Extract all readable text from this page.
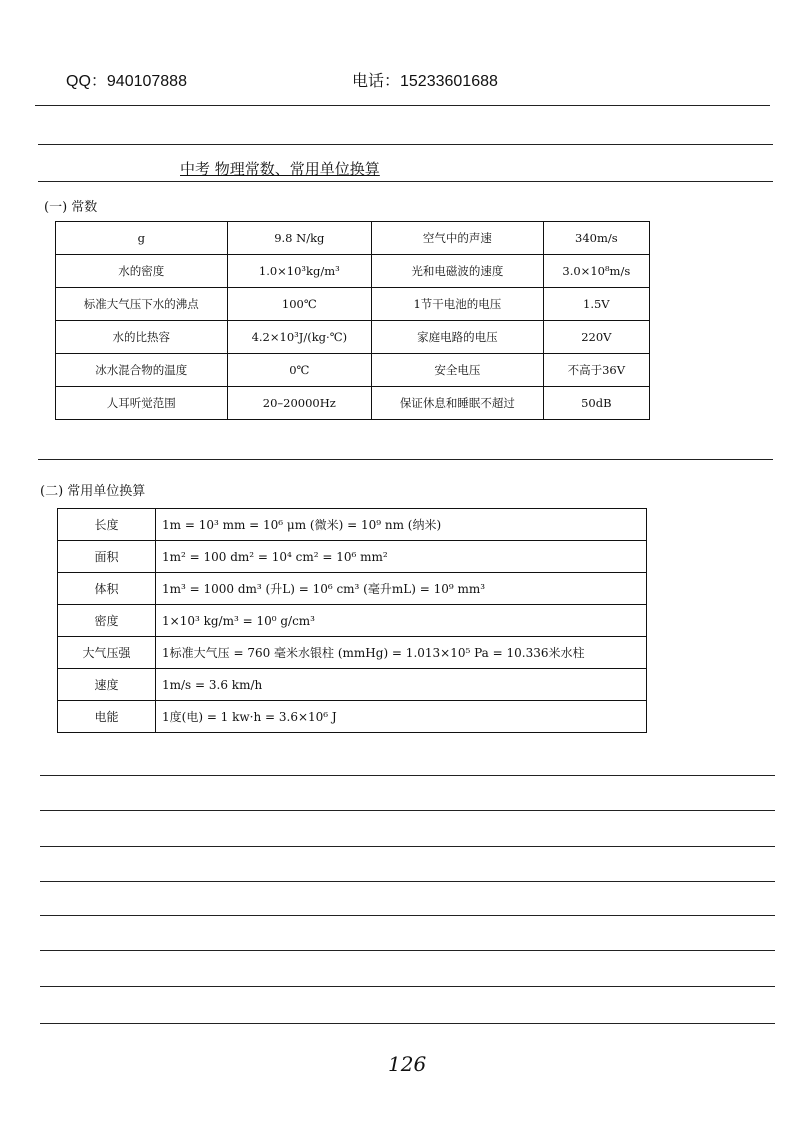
QQ：940107888	电话：15233601688
中考 物理常数、常用单位换算
(一) 常数
g	9.8 N/kg	空气中的声速	340m/s
水的密度	1.0×10³kg/m³	光和电磁波的速度	3.0×10⁸m/s
标准大气压下水的沸点	100℃	1节干电池的电压	1.5V
水的比热容	4.2×10³J/(kg·℃)	家庭电路的电压	220V
冰水混合物的温度	0℃	安全电压	不高于36V
人耳听觉范围	20–20000Hz	保证休息和睡眠不超过	50dB
(二) 常用单位换算
长度	1m = 10³ mm = 10⁶ μm (微米) = 10⁹ nm (纳米)
面积	1m² = 100 dm² = 10⁴ cm² = 10⁶ mm²
体积	1m³ = 1000 dm³ (升L) = 10⁶ cm³ (毫升mL) = 10⁹ mm³
密度	1×10³ kg/m³ = 10⁰ g/cm³
大气压强	1标准大气压 = 760 毫米水银柱 (mmHg) = 1.013×10⁵ Pa = 10.336米水柱
速度	1m/s = 3.6 km/h
电能	1度(电) = 1 kw·h = 3.6×10⁶ J
126
